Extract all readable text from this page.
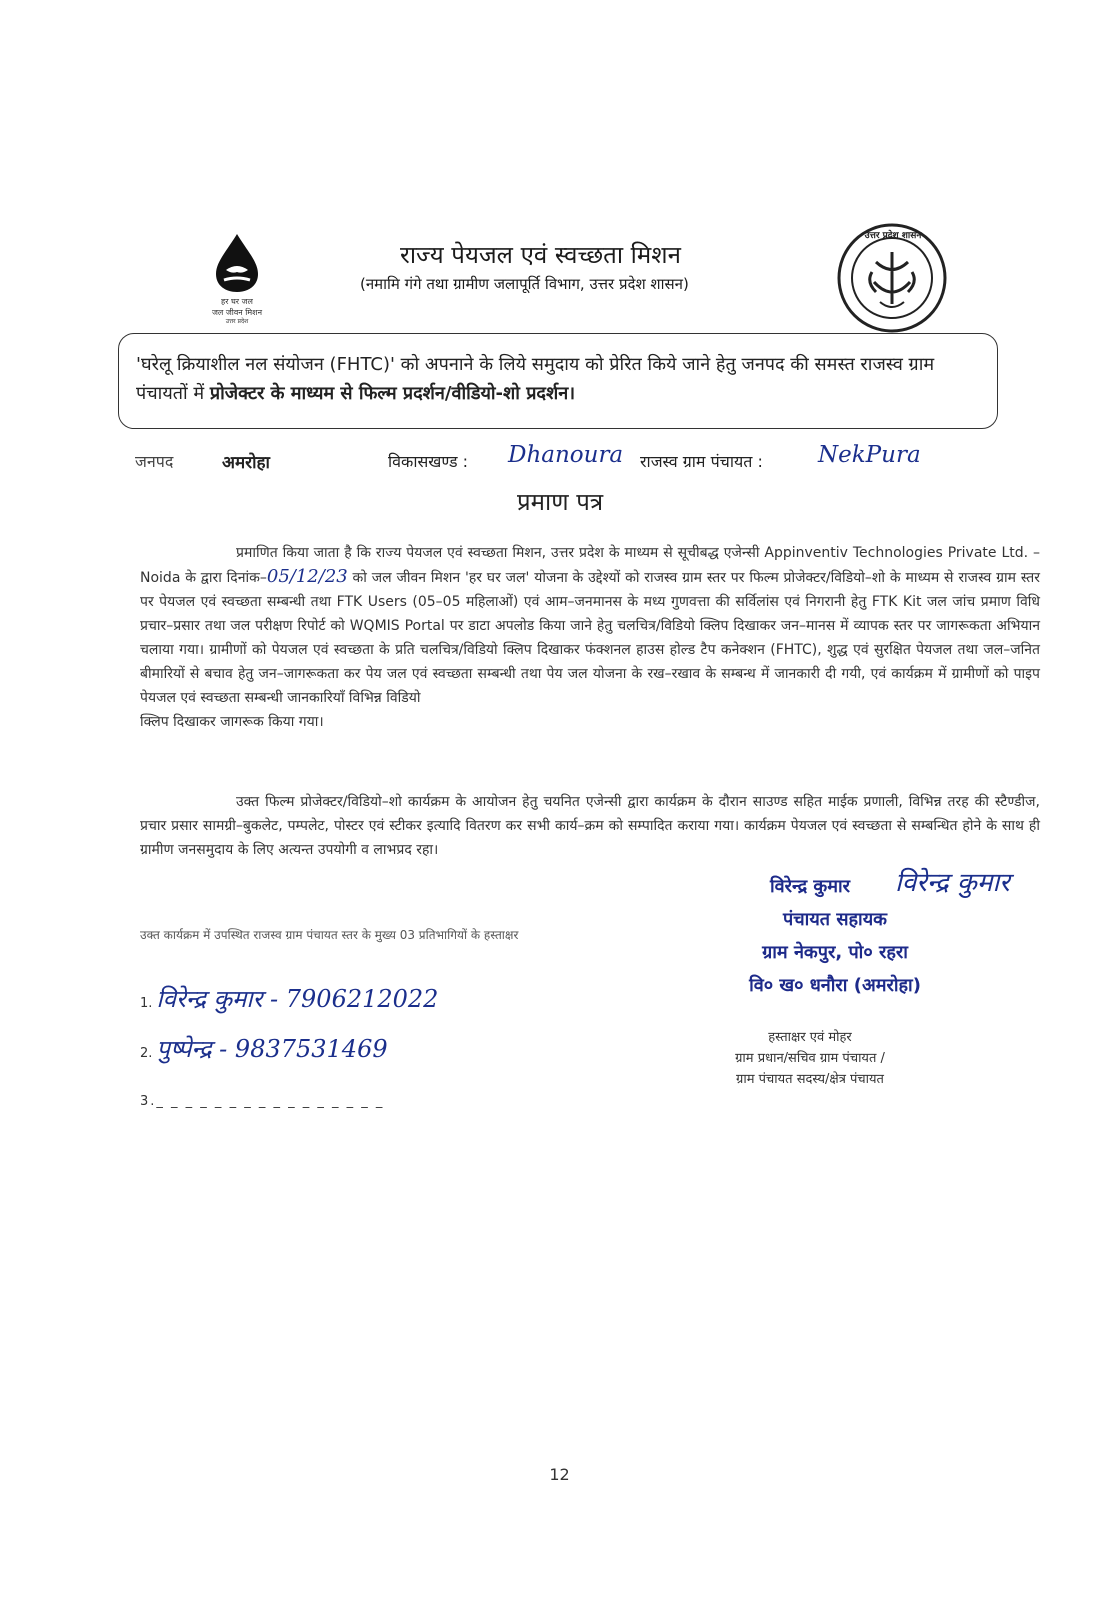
हर घर जल
जल जीवन मिशन
उत्तर प्रदेश
राज्य पेयजल एवं स्वच्छता मिशन
(नमामि गंगे तथा ग्रामीण जलापूर्ति विभाग, उत्तर प्रदेश शासन)
उत्तर प्रदेश शासन
'घरेलू क्रियाशील नल संयोजन (FHTC)' को अपनाने के लिये समुदाय को प्रेरित किये जाने हेतु जनपद की समस्त राजस्व ग्राम पंचायतों में प्रोजेक्टर के माध्यम से फिल्म प्रदर्शन/वीडियो-शो प्रदर्शन।
जनपद	अमरोहा	विकासखण्ड : Dhanoura राजस्व ग्राम पंचायत : NekPura
प्रमाण पत्र

प्रमाणित किया जाता है कि राज्य पेयजल एवं स्वच्छता मिशन, उत्तर प्रदेश के माध्यम से सूचीबद्ध एजेन्सी Appinventiv Technologies Private Ltd. – Noida के द्वारा दिनांक–05/12/23 को जल जीवन मिशन 'हर घर जल' योजना के उद्देश्यों को राजस्व ग्राम स्तर पर फिल्म प्रोजेक्टर/विडियो–शो के माध्यम से राजस्व ग्राम स्तर पर पेयजल एवं स्वच्छता सम्बन्धी तथा FTK Users (05–05 महिलाओं) एवं आम–जनमानस के मध्य गुणवत्ता की सर्विलांस एवं निगरानी हेतु FTK Kit जल जांच प्रमाण विधि प्रचार–प्रसार तथा जल परीक्षण रिपोर्ट को WQMIS Portal पर डाटा अपलोड किया जाने हेतु चलचित्र/विडियो क्लिप दिखाकर जन–मानस में व्यापक स्तर पर जागरूकता अभियान चलाया गया। ग्रामीणों को पेयजल एवं स्वच्छता के प्रति चलचित्र/विडियो क्लिप दिखाकर फंक्शनल हाउस होल्ड टैप कनेक्शन (FHTC), शुद्ध एवं सुरक्षित पेयजल तथा जल–जनित बीमारियों से बचाव हेतु जन–जागरूकता कर पेय जल एवं स्वच्छता सम्बन्धी तथा पेय जल योजना के रख–रखाव के सम्बन्ध में जानकारी दी गयी, एवं कार्यक्रम में ग्रामीणों को पाइप पेयजल एवं स्वच्छता सम्बन्धी जानकारियाँ विभिन्न विडियो

क्लिप दिखाकर जागरूक किया गया।

उक्त फिल्म प्रोजेक्टर/विडियो–शो कार्यक्रम के आयोजन हेतु चयनित एजेन्सी द्वारा कार्यक्रम के दौरान साउण्ड सहित माईक प्रणाली, विभिन्न तरह की स्टैण्डीज, प्रचार प्रसार सामग्री–बुकलेट, पम्पलेट, पोस्टर एवं स्टीकर इत्यादि वितरण कर सभी कार्य–क्रम को सम्पादित कराया गया। कार्यक्रम पेयजल एवं स्वच्छता से सम्बन्धित होने के साथ ही ग्रामीण जनसमुदाय के लिए अत्यन्त उपयोगी व लाभप्रद रहा।

विरेन्द्र कुमार
विरेन्द्र कुमार
पंचायत सहायक
ग्राम नेकपुर, पो० रहरा
वि० ख० धनौरा (अमरोहा)
हस्ताक्षर एवं मोहर
ग्राम प्रधान/सचिव ग्राम पंचायत /
ग्राम पंचायत सदस्य/क्षेत्र पंचायत
उक्त कार्यक्रम में उपस्थित राजस्व ग्राम पंचायत स्तर के मुख्य 03 प्रतिभागियों के हस्ताक्षर
1. विरेन्द्र कुमार - 7906212022
2. पुष्पेन्द्र - 9837531469
3._ _ _ _ _ _ _ _ _ _ _ _ _ _ _ _
12
